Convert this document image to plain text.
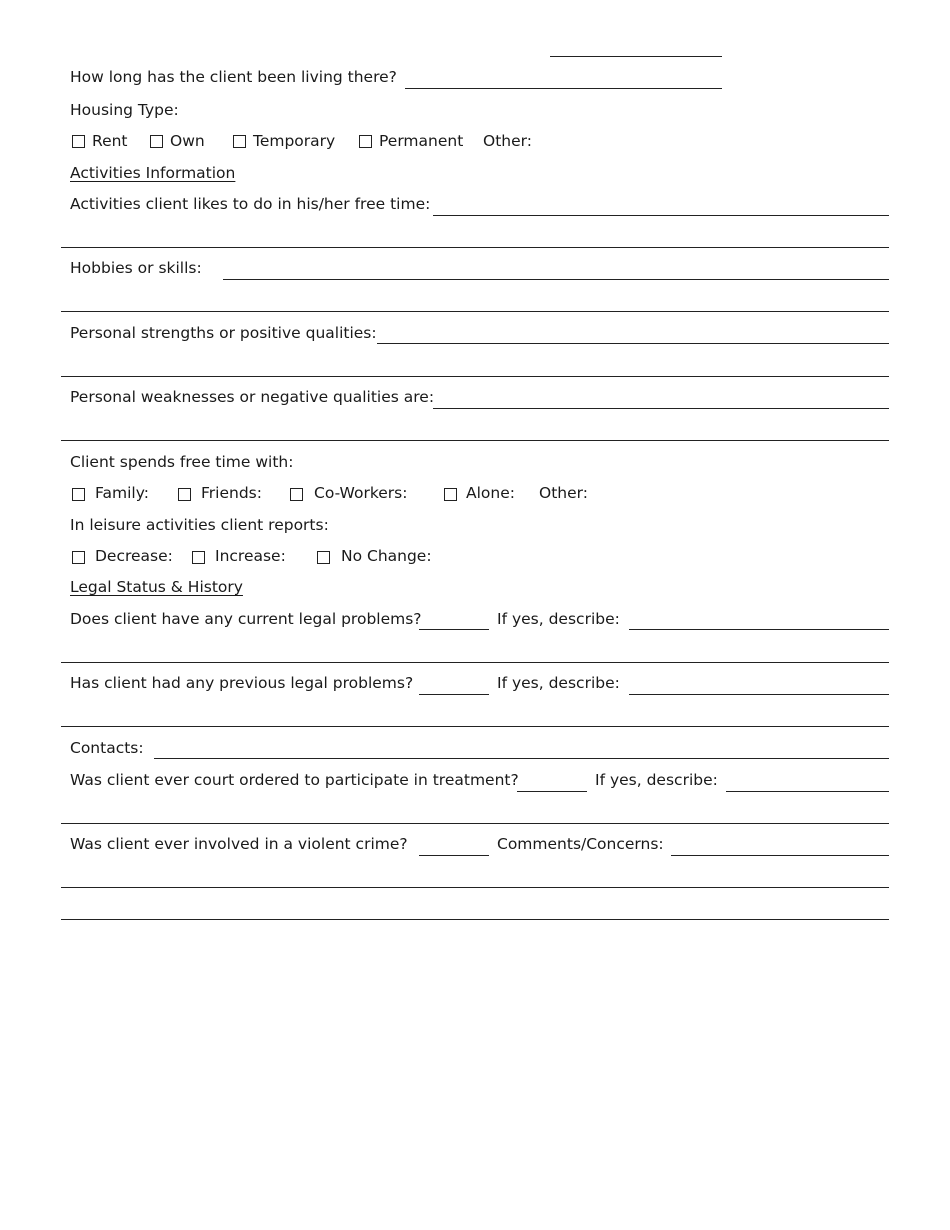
How long has the client been living there?
Housing Type:
Rent	Own	Temporary	Permanent Other:
Activities Information
Activities client likes to do in his/her free time:
Hobbies or skills:
Personal strengths or positive qualities:
Personal weaknesses or negative qualities are:
Client spends free time with:
Family:	Friends:	Co-Workers:	Alone: Other:
In leisure activities client reports:
Decrease:	Increase:	No Change:
Legal Status & History
Does client have any current legal problems?	If yes, describe:
Has client had any previous legal problems?	If yes, describe:
Contacts:
Was client ever court ordered to participate in treatment?	If yes, describe:
Was client ever involved in a violent crime?	Comments/Concerns:
